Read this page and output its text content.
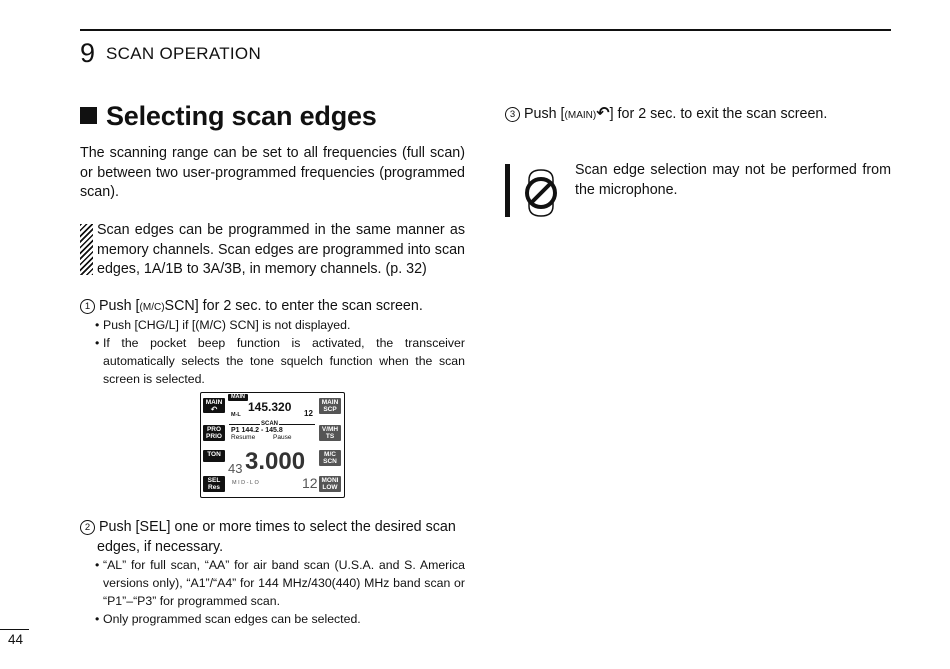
9 SCAN OPERATION
Selecting scan edges
The scanning range can be set to all frequencies (full scan) or between two user-programmed frequencies (programmed scan).
Scan edges can be programmed in the same manner as memory channels. Scan edges are programmed into scan edges, 1A/1B to 3A/3B, in memory channels. (p. 32)
1 Push [(M/C)SCN] for 2 sec. to enter the scan screen.
• Push [CHG/L] if [(M/C) SCN] is not displayed.
• If the pocket beep function is activated, the transceiver automatically selects the tone squelch function when the scan screen is selected.
MAIN
↶
PRO PRIO
TON
SEL Res
MAIN SCP
V/MH TS
M/C SCN
MONI LOW
MAIN
145.320
M-L	12
SCAN
P1 144.2 - 145.8
Resume	Pause
43 3.000
MID-LO	12
2 Push [SEL] one or more times to select the desired scan
edges, if necessary.
• “AL” for full scan, “AA” for air band scan (U.S.A. and S. America versions only), “A1”/“A4” for 144 MHz/430(440) MHz band scan or “P1”–“P3” for programmed scan.
• Only programmed scan edges can be selected.
3 Push [(MAIN)↶] for 2 sec. to exit the scan screen.
Scan edge selection may not be performed from the microphone.
44
